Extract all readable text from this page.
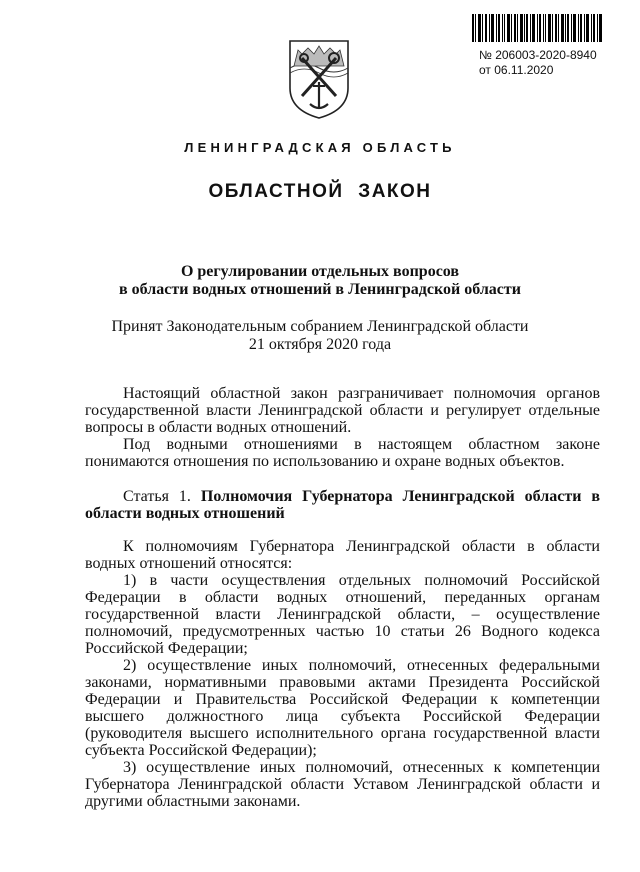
№ 206003-2020-8940
от 06.11.2020
ЛЕНИНГРАДСКАЯ ОБЛАСТЬ
ОБЛАСТНОЙ ЗАКОН
О регулировании отдельных вопросов
в области водных отношений в Ленинградской области
Принят Законодательным собранием Ленинградской области
21 октября 2020 года

Настоящий областной закон разграничивает полномочия органов государственной власти Ленинградской области и регулирует отдельные вопросы в области водных отношений.

Под водными отношениями в настоящем областном законе понимаются отношения по использованию и охране водных объектов.

Статья 1. Полномочия Губернатора Ленинградской области в области водных отношений

К полномочиям Губернатора Ленинградской области в области водных отношений относятся:

1) в части осуществления отдельных полномочий Российской Федерации в области водных отношений, переданных органам государственной власти Ленинградской области, – осуществление полномочий, предусмотренных частью 10 статьи 26 Водного кодекса Российской Федерации;

2) осуществление иных полномочий, отнесенных федеральными законами, нормативными правовыми актами Президента Российской Федерации и Правительства Российской Федерации к компетенции высшего должностного лица субъекта Российской Федерации (руководителя высшего исполнительного органа государственной власти субъекта Российской Федерации);

3) осуществление иных полномочий, отнесенных к компетенции Губернатора Ленинградской области Уставом Ленинградской области и другими областными законами.
